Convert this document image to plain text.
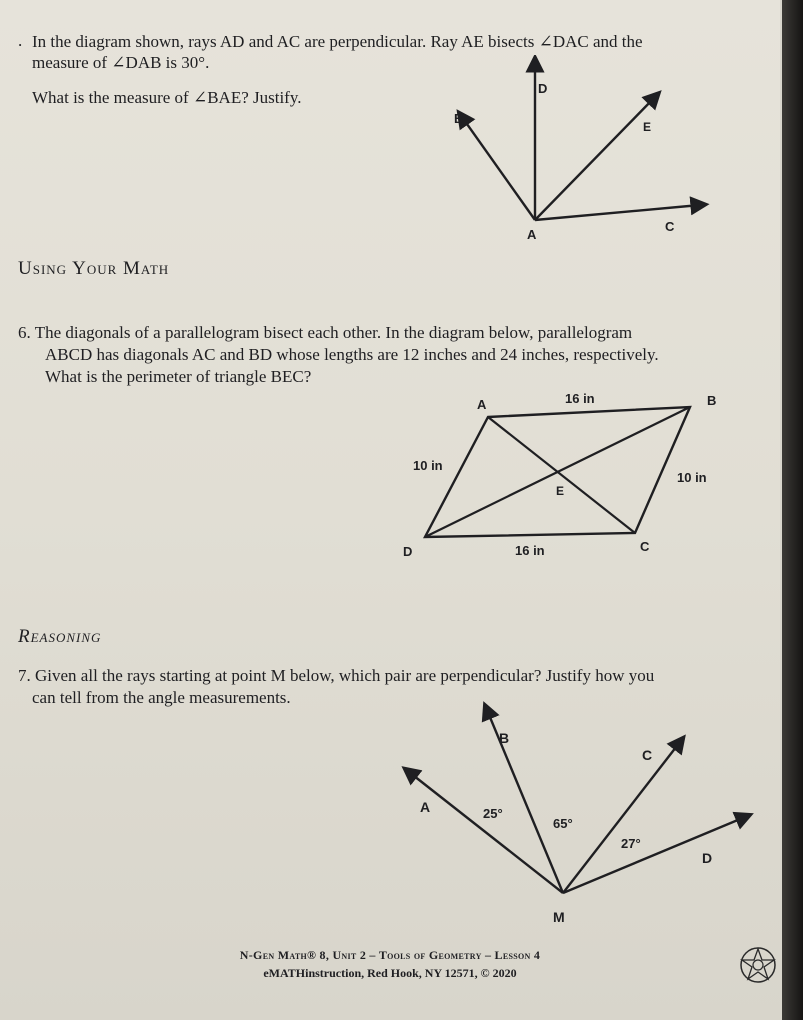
. In the diagram shown, rays AD and AC are perpendicular. Ray AE bisects ∠DAC and the
measure of ∠DAB is 30°.
What is the measure of ∠BAE? Justify.	D
B
E
C
A
Using Your Math
6. The diagonals of a parallelogram bisect each other. In the diagram below, parallelogram
ABCD has diagonals AC and BD whose lengths are 12 inches and 24 inches, respectively.
What is the perimeter of triangle BEC?
A	B
C
D
E
16 in
10 in
10 in
16 in
Reasoning
7. Given all the rays starting at point M below, which pair are perpendicular? Justify how you
can tell from the angle measurements.
B
C
A
D
M
25°
65°
27°
N-Gen Math® 8, Unit 2 – Tools of Geometry – Lesson 4
eMATHinstruction, Red Hook, NY 12571, © 2020
